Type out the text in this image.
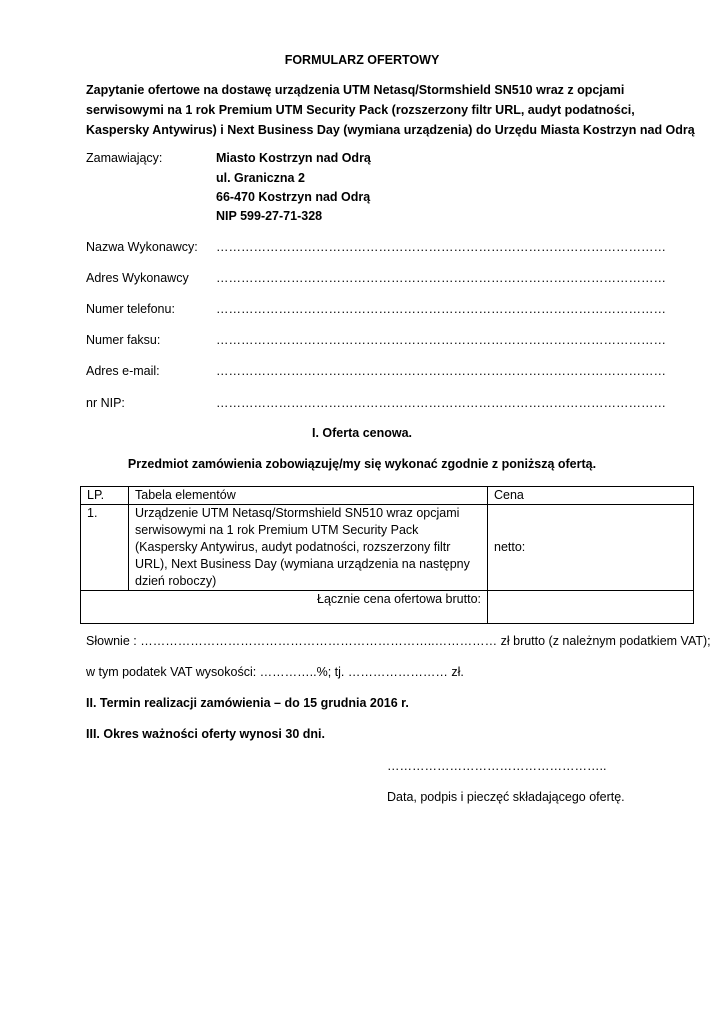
FORMULARZ OFERTOWY
Zapytanie ofertowe na dostawę urządzenia UTM Netasq/Stormshield SN510 wraz z opcjami serwisowymi na 1 rok Premium UTM Security Pack (rozszerzony filtr URL, audyt podatności, Kaspersky Antywirus) i Next Business Day (wymiana urządzenia) do Urzędu Miasta Kostrzyn nad Odrą
Zamawiający:	Miasto Kostrzyn nad Odrą
ul. Graniczna 2
66-470 Kostrzyn nad Odrą
NIP 599-27-71-328
Nazwa Wykonawcy: ………………………………………………………………………………………………
Adres Wykonawcy ………………………………………………………………………………………………
Numer telefonu:	………………………………………………………………………………………………
Numer faksu:	………………………………………………………………………………………………
Adres e-mail:	………………………………………………………………………………………………
nr NIP:	………………………………………………………………………………………………
I. Oferta cenowa.
Przedmiot zamówienia zobowiązuję/my się wykonać zgodnie z poniższą ofertą.
LP.	Tabela elementów	Cena
1.	Urządzenie UTM Netasq/Stormshield SN510 wraz opcjami serwisowymi na 1 rok Premium UTM Security Pack (Kaspersky Antywirus, audyt podatności, rozszerzony filtr URL), Next Business Day (wymiana urządzenia na następny dzień roboczy)	netto:
Łącznie cena ofertowa brutto:		
Słownie : ……………………………………………………………..…………… zł brutto (z należnym podatkiem VAT);
w tym podatek VAT wysokości: …………..%; tj. …………………… zł.
II. Termin realizacji zamówienia – do 15 grudnia 2016 r.
III. Okres ważności oferty wynosi 30 dni.
……………………………………………..
Data, podpis i pieczęć składającego ofertę.
